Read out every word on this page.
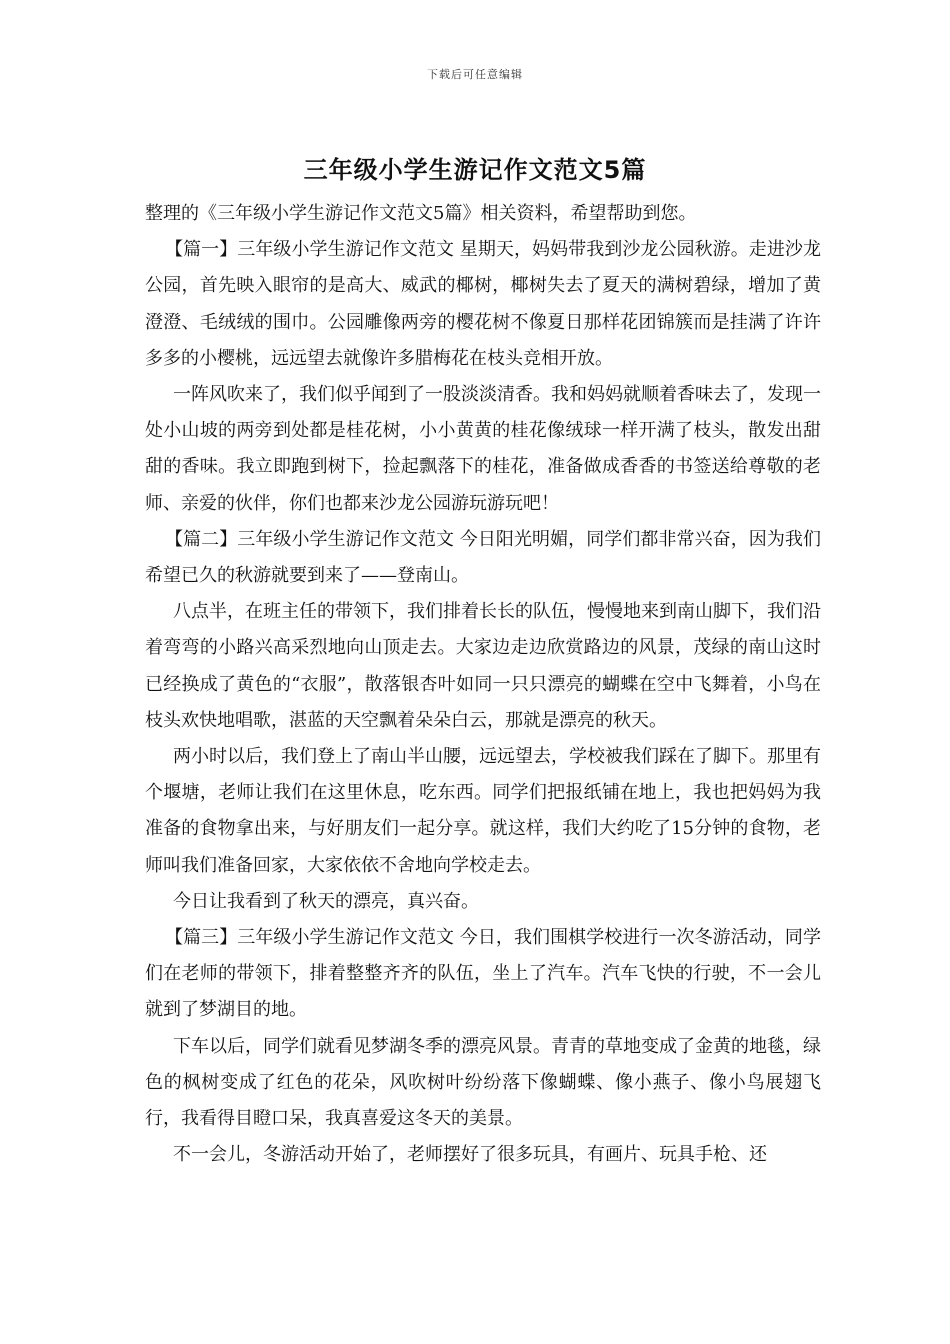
下载后可任意编辑
三年级小学生游记作文范文5篇

整理的《三年级小学生游记作文范文5篇》相关资料，希望帮助到您。

【篇一】三年级小学生游记作文范文 星期天，妈妈带我到沙龙公园秋游。走进沙龙公园，首先映入眼帘的是高大、威武的椰树，椰树失去了夏天的满树碧绿，增加了黄澄澄、毛绒绒的围巾。公园雕像两旁的樱花树不像夏日那样花团锦簇而是挂满了许许多多的小樱桃，远远望去就像许多腊梅花在枝头竞相开放。

一阵风吹来了，我们似乎闻到了一股淡淡清香。我和妈妈就顺着香味去了，发现一处小山坡的两旁到处都是桂花树，小小黄黄的桂花像绒球一样开满了枝头，散发出甜甜的香味。我立即跑到树下，捡起飘落下的桂花，准备做成香香的书签送给尊敬的老师、亲爱的伙伴，你们也都来沙龙公园游玩游玩吧！

【篇二】三年级小学生游记作文范文 今日阳光明媚，同学们都非常兴奋，因为我们希望已久的秋游就要到来了——登南山。

八点半，在班主任的带领下，我们排着长长的队伍，慢慢地来到南山脚下，我们沿着弯弯的小路兴高采烈地向山顶走去。大家边走边欣赏路边的风景，茂绿的南山这时已经换成了黄色的“衣服”，散落银杏叶如同一只只漂亮的蝴蝶在空中飞舞着，小鸟在枝头欢快地唱歌，湛蓝的天空飘着朵朵白云，那就是漂亮的秋天。

两小时以后，我们登上了南山半山腰，远远望去，学校被我们踩在了脚下。那里有个堰塘，老师让我们在这里休息，吃东西。同学们把报纸铺在地上，我也把妈妈为我准备的食物拿出来，与好朋友们一起分享。就这样，我们大约吃了15分钟的食物，老师叫我们准备回家，大家依依不舍地向学校走去。

今日让我看到了秋天的漂亮，真兴奋。

【篇三】三年级小学生游记作文范文 今日，我们围棋学校进行一次冬游活动，同学们在老师的带领下，排着整整齐齐的队伍，坐上了汽车。汽车飞快的行驶，不一会儿就到了梦湖目的地。

下车以后，同学们就看见梦湖冬季的漂亮风景。青青的草地变成了金黄的地毯，绿色的枫树变成了红色的花朵，风吹树叶纷纷落下像蝴蝶、像小燕子、像小鸟展翅飞行，我看得目瞪口呆，我真喜爱这冬天的美景。

不一会儿，冬游活动开始了，老师摆好了很多玩具，有画片、玩具手枪、还
